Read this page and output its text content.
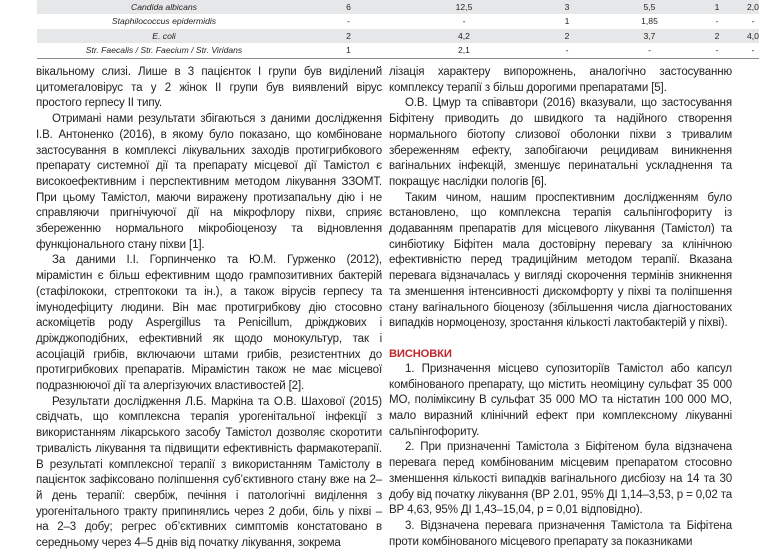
Candida albicans	6	12,5	3	5,5	1	2,0
Staphilococcus epidermidis	-	-	1	1,85	-	-
E. coli	2	4,2	2	3,7	2	4,0
Str. Faecalis / Str. Faecium / Str. Viridans	1	2,1	-	-	-	-

вікальному слизі. Лише в 3 пацієнток І групи був виділений цитомегаловірус та у 2 жінок ІІ групи був виявлений вірус простого герпесу ІІ типу.

Отримані нами результати збігаються з даними дослідження І.В. Антоненко (2016), в якому було показано, що комбіноване застосування в комплексі лікувальних заходів протигрибкового препарату системної дії та препарату місцевої дії Тамістол є високоефективним і перспективним методом лікування ЗЗОМТ. При цьому Тамістол, маючи виражену протизапальну дію і не справляючи пригнічуючої дії на мікрофлору піхви, сприяє збереженню нормального мікробіоценозу та відновлення функціонального стану піхви [1].

За даними І.І. Горпинченко та Ю.М. Гурженко (2012), мірамістин є більш ефективним щодо грампозитивних бактерій (стафілококи, стрептококи та ін.), а також вірусів герпесу та імунодефіциту людини. Він має протигрибкову дію стосовно аскоміцетів роду Aspergillus та Penicillum, дріжджових і дріжджоподібних, ефективний як щодо монокультур, так і асоціацій грибів, включаючи штами грибів, резистентних до протигрибкових препаратів. Мірамістин також не має місцевої подразнюючої дії та алергізуючих властивостей [2].

Результати дослідження Л.Б. Маркіна та О.В. Шахової (2015) свідчать, що комплексна терапія урогенітальної інфекції з використанням лікарського засобу Тамістол дозволяє скоротити тривалість лікування та підвищити ефективність фармакотерапії. В результаті комплексної терапії з використанням Тамістолу в пацієнток зафіксовано поліпшення суб’єктивного стану вже на 2–й день терапії: свербіж, печіння і патологічні виділення з урогенітального тракту припинялись через 2 доби, біль у піхві – на 2–3 добу; регрес об’єктивних симптомів констатовано в середньому через 4–5 днів від початку лікування, зокрема

лізація характеру випорожнень, аналогічно застосуванню комплексу терапії з більш дорогими препаратами [5].

О.В. Цмур та співавтори (2016) вказували, що застосування Біфітену приводить до швидкого та надійного створення нормального біотопу слизової оболонки піхви з тривалим збереженням ефекту, запобігаючи рецидивам виникнення вагінальних інфекцій, зменшує перинатальні ускладнення та покращує наслідки пологів [6].

Таким чином, нашим проспективним дослідженням було встановлено, що комплексна терапія сальпінгофориту із додаванням препаратів для місцевого лікування (Тамістол) та синбіотику Біфітен мала достовірну перевагу за клінічною ефективністю перед традиційним методом терапії. Вказана перевага відзначалась у вигляді скорочення термінів зникнення та зменшення інтенсивності дискомфорту у піхві та поліпшення стану вагінального біоценозу (збільшення числа діагностованих випадків нормоценозу, зростання кількості лактобактерій у піхві).

ВИСНОВКИ

1. Призначення місцево супозиторіїв Тамістол або капсул комбінованого препарату, що містить неоміцину сульфат 35 000 МО, поліміксину В сульфат 35 000 МО та ністатин 100 000 МО, мало виразний клінічний ефект при комплексному лікуванні сальпінгофориту.

2. При призначенні Тамістола з Біфітеном була відзначена перевага перед комбінованим місцевим препаратом стосовно зменшення кількості випадків вагінального дисбіозу на 14 та 30 добу від початку лікування (ВР 2.01, 95% ДІ 1,14–3,53, р = 0,02 та ВР 4,63, 95% ДІ 1,43–15,04, р = 0,01 відповідно).

3. Відзначена перевага призначення Тамістола та Біфітена проти комбінованого місцевого препарату за показниками
